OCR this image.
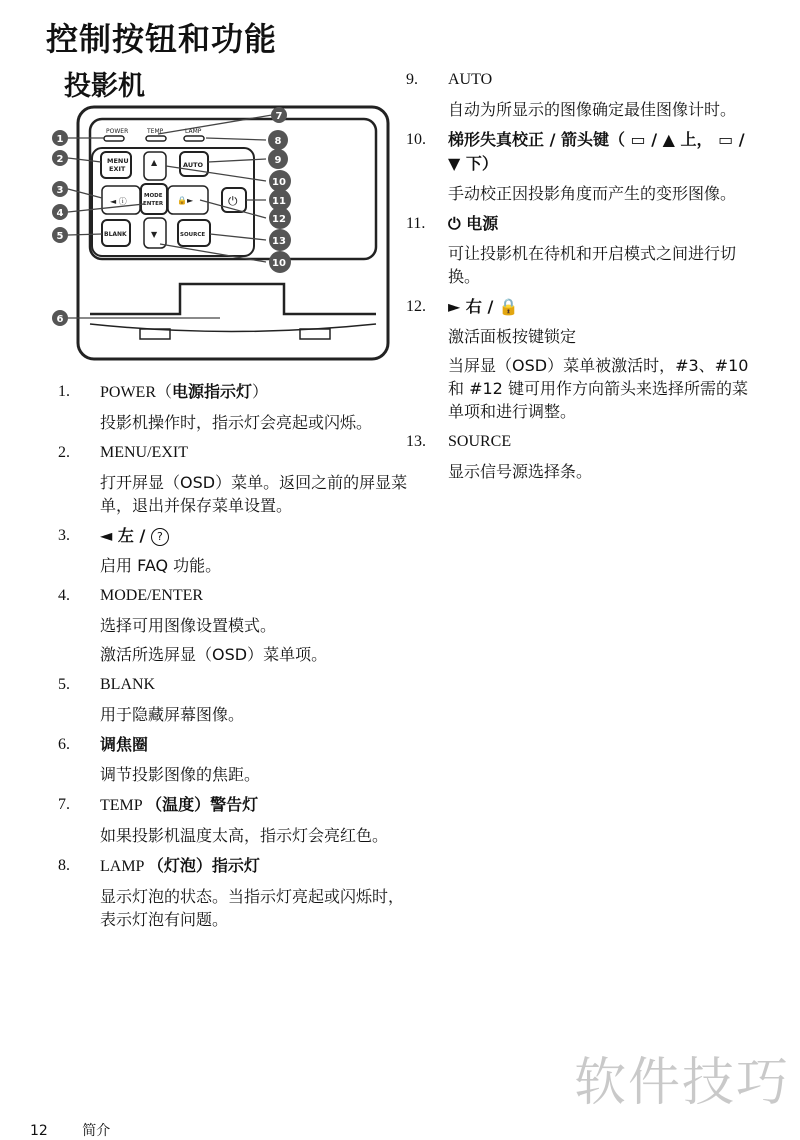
控制按钮和功能
投影机
POWER	TEMP	LAMP
MENU
EXIT
▲	AUTO
◄ ⓘ
MODE
ENTER 🔒►	⏻
BLANK	▼	SOURCE
1
2
3
4
5
6
7
8
9
10
11
12
13
10
1. POWER（电源指示灯）
投影机操作时，指示灯会亮起或闪烁。
2. MENU/EXIT
打开屏显（OSD）菜单。返回之前的屏显菜单，退出并保存菜单设置。
3. ◄ 左 / ?
启用 FAQ 功能。
4. MODE/ENTER
选择可用图像设置模式。
激活所选屏显（OSD）菜单项。
5. BLANK
用于隐藏屏幕图像。
6. 调焦圈
调节投影图像的焦距。
7. TEMP （温度）警告灯
如果投影机温度太高，指示灯会亮红色。
8. LAMP （灯泡）指示灯
显示灯泡的状态。当指示灯亮起或闪烁时，表示灯泡有问题。
9. AUTO
自动为所显示的图像确定最佳图像计时。
10. 梯形失真校正 / 箭头键（ ▭ / ▲ 上， ▭ / ▼ 下）
手动校正因投影角度而产生的变形图像。
11. ⏻ 电源
可让投影机在待机和开启模式之间进行切换。
12. ► 右 / 🔒
激活面板按键锁定
当屏显（OSD）菜单被激活时，#3、#10 和 #12 键可用作方向箭头来选择所需的菜单项和进行调整。
13. SOURCE
显示信号源选择条。
软件技巧
12 简介
